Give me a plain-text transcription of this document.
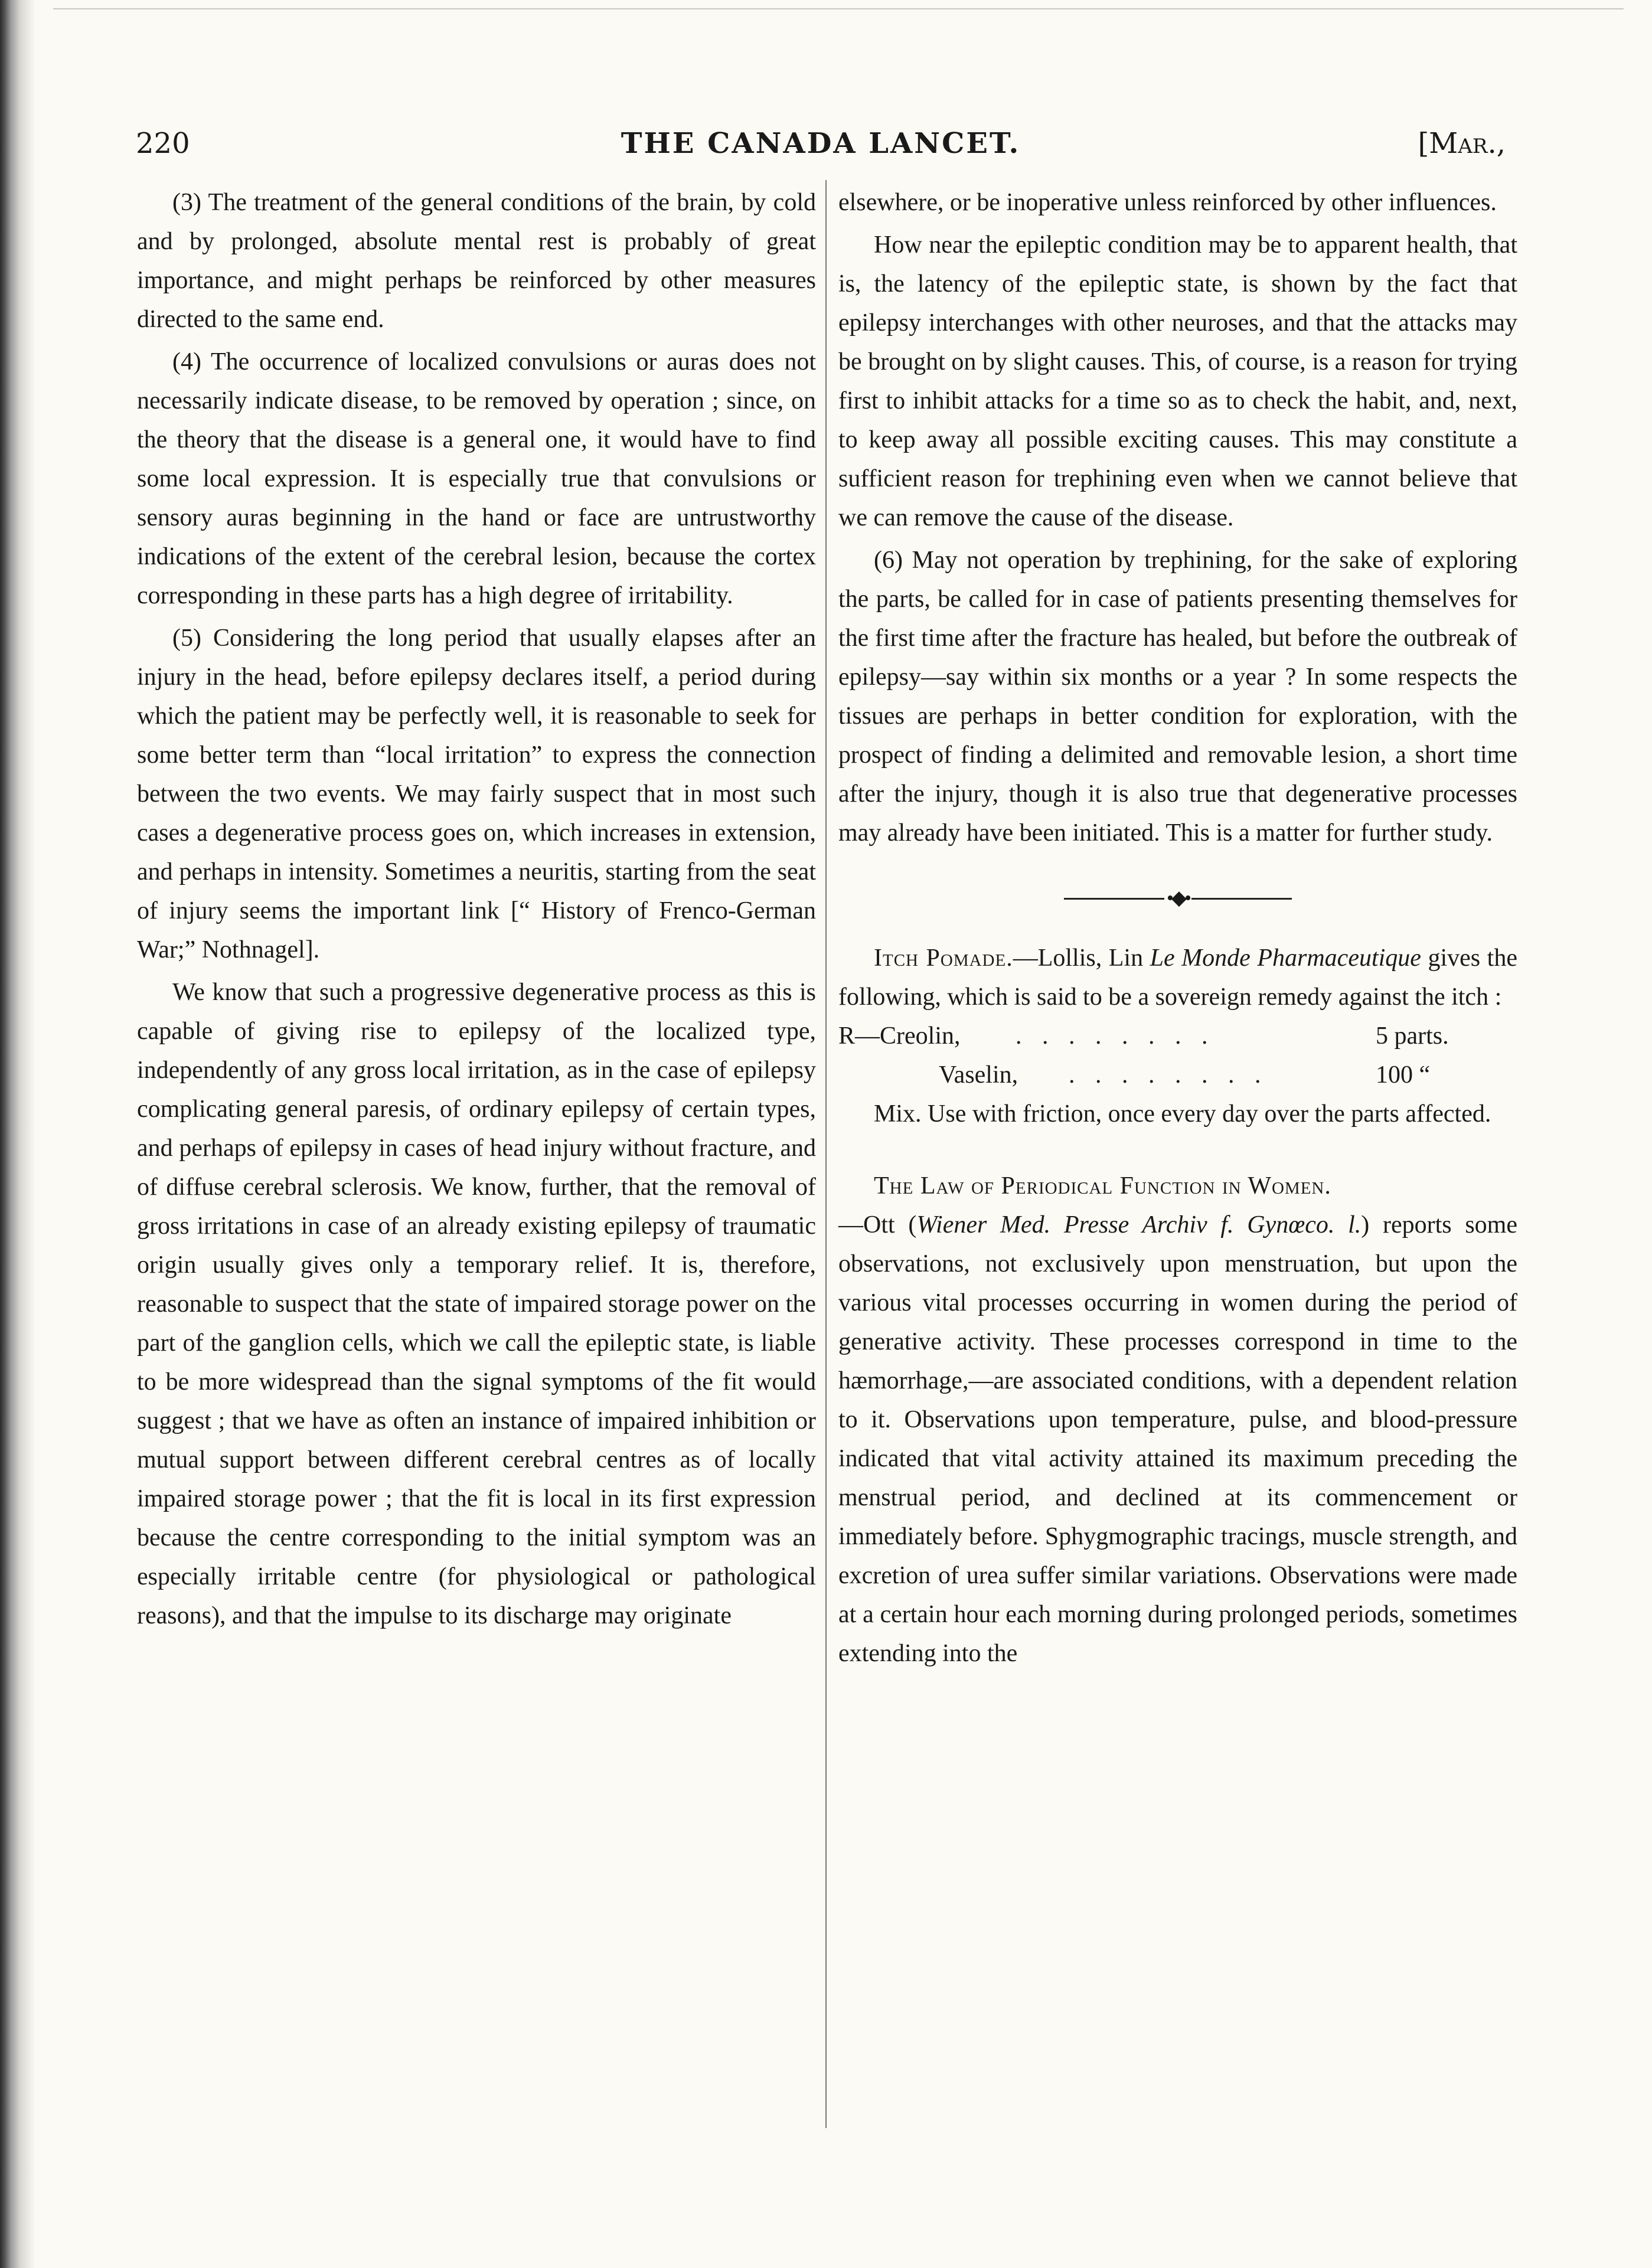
220	THE CANADA LANCET.	[Mar.,

(3) The treatment of the general conditions of the brain, by cold and by prolonged, absolute mental rest is probably of great importance, and might perhaps be reinforced by other measures directed to the same end.

(4) The occurrence of localized convulsions or auras does not necessarily indicate disease, to be removed by operation ; since, on the theory that the disease is a general one, it would have to find some local expression. It is especially true that convulsions or sensory auras beginning in the hand or face are untrustworthy indications of the extent of the cerebral lesion, because the cortex corresponding in these parts has a high degree of irritability.

(5) Considering the long period that usually elapses after an injury in the head, before epilepsy declares itself, a period during which the patient may be perfectly well, it is reasonable to seek for some better term than “local irritation” to express the connection between the two events. We may fairly suspect that in most such cases a degenerative process goes on, which increases in extension, and perhaps in intensity. Sometimes a neuritis, starting from the seat of injury seems the important link [“ History of Frenco-German War;” Nothnagel].

We know that such a progressive degenerative process as this is capable of giving rise to epilepsy of the localized type, independently of any gross local irritation, as in the case of epilepsy complicating general paresis, of ordinary epilepsy of certain types, and perhaps of epilepsy in cases of head injury without fracture, and of diffuse cerebral sclerosis. We know, further, that the removal of gross irritations in case of an already existing epilepsy of traumatic origin usually gives only a temporary relief. It is, therefore, reasonable to suspect that the state of impaired storage power on the part of the ganglion cells, which we call the epileptic state, is liable to be more widespread than the signal symptoms of the fit would suggest ; that we have as often an instance of impaired inhibition or mutual support between different cerebral centres as of locally impaired storage power ; that the fit is local in its first expression because the centre corresponding to the initial symptom was an especially irritable centre (for physiological or pathological reasons), and that the impulse to its discharge may originate

elsewhere, or be inoperative unless reinforced by other influences.

How near the epileptic condition may be to apparent health, that is, the latency of the epileptic state, is shown by the fact that epilepsy interchanges with other neuroses, and that the attacks may be brought on by slight causes. This, of course, is a reason for trying first to inhibit attacks for a time so as to check the habit, and, next, to keep away all possible exciting causes. This may constitute a sufficient reason for trephining even when we cannot believe that we can remove the cause of the disease.

(6) May not operation by trephining, for the sake of exploring the parts, be called for in case of patients presenting themselves for the first time after the fracture has healed, but before the outbreak of epilepsy—say within six months or a year ? In some respects the tissues are perhaps in better condition for exploration, with the prospect of finding a delimited and removable lesion, a short time after the injury, though it is also true that degenerative processes may already have been initiated. This is a matter for further study.

•◆•

Itch Pomade.—Lollis, Lin Le Monde Pharmaceutique gives the following, which is said to be a sovereign remedy against the itch :

R—Creolin,	. . . . . . . .	5 parts.
Vaselin,	. . . . . . . .	100 “

Mix. Use with friction, once every day over the parts affected.

The Law of Periodical Function in Women.
—Ott (Wiener Med. Presse Archiv f. Gynœco. l.) reports some observations, not exclusively upon menstruation, but upon the various vital processes occurring in women during the period of generative activity. These processes correspond in time to the hæmorrhage,—are associated conditions, with a dependent relation to it. Observations upon temperature, pulse, and blood-pressure indicated that vital activity attained its maximum preceding the menstrual period, and declined at its commencement or immediately before. Sphygmographic tracings, muscle strength, and excretion of urea suffer similar variations. Observations were made at a certain hour each morning during prolonged periods, sometimes extending into the
